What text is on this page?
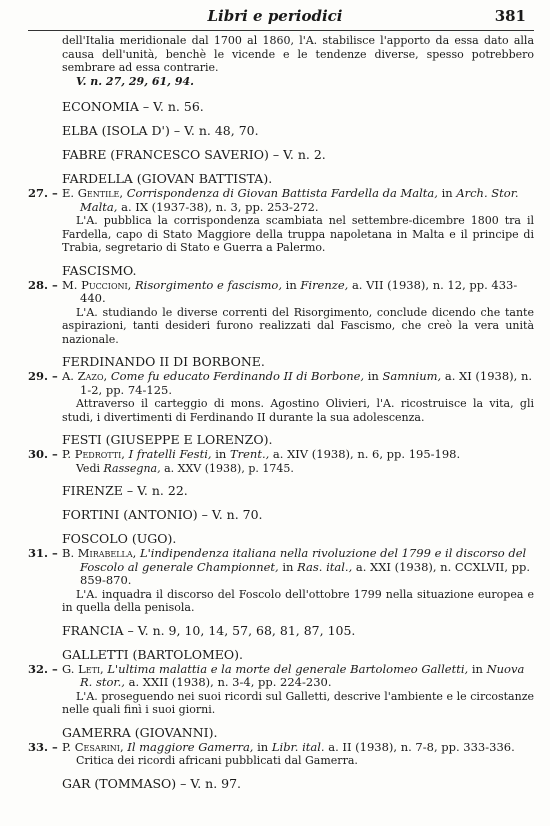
Libri e periodici	381
dell'Italia meridionale dal 1700 al 1860, l'A. stabilisce l'apporto da essa dato alla causa dell'unità, benchè le vicende e le tendenze diverse, spesso potrebbero sembrare ad essa contrarie.
V. n. 27, 29, 61, 94.
ECONOMIA – V. n. 56.
ELBA (ISOLA D') – V. n. 48, 70.
FABRE (FRANCESCO SAVERIO) – V. n. 2.
FARDELLA (GIOVAN BATTISTA).
27. – E. Gentile, Corrispondenza di Giovan Battista Fardella da Malta, in Arch. Stor. Malta, a. IX (1937-38), n. 3, pp. 253-272.
L'A. pubblica la corrispondenza scambiata nel settembre-dicembre 1800 tra il Fardella, capo di Stato Maggiore della truppa napoletana in Malta e il principe di Trabia, segretario di Stato e Guerra a Palermo.
FASCISMO.
28. – M. Puccioni, Risorgimento e fascismo, in Firenze, a. VII (1938), n. 12, pp. 433-440.
L'A. studiando le diverse correnti del Risorgimento, conclude dicendo che tante aspirazioni, tanti desideri furono realizzati dal Fascismo, che creò la vera unità nazionale.
FERDINANDO II DI BORBONE.
29. – A. Zazo, Come fu educato Ferdinando II di Borbone, in Samnium, a. XI (1938), n. 1-2, pp. 74-125.
Attraverso il carteggio di mons. Agostino Olivieri, l'A. ricostruisce la vita, gli studi, i divertimenti di Ferdinando II durante la sua adolescenza.
FESTI (GIUSEPPE E LORENZO).
30. – P. Pedrotti, I fratelli Festi, in Trent., a. XIV (1938), n. 6, pp. 195-198.
Vedi Rassegna, a. XXV (1938), p. 1745.
FIRENZE – V. n. 22.
FORTINI (ANTONIO) – V. n. 70.
FOSCOLO (UGO).
31. – B. Mirabella, L'indipendenza italiana nella rivoluzione del 1799 e il discorso del Foscolo al generale Championnet, in Ras. ital., a. XXI (1938), n. CCXLVII, pp. 859-870.
L'A. inquadra il discorso del Foscolo dell'ottobre 1799 nella situazione europea e in quella della penisola.
FRANCIA – V. n. 9, 10, 14, 57, 68, 81, 87, 105.
GALLETTI (BARTOLOMEO).
32. – G. Leti, L'ultima malattia e la morte del generale Bartolomeo Galletti, in Nuova R. stor., a. XXII (1938), n. 3-4, pp. 224-230.
L'A. proseguendo nei suoi ricordi sul Galletti, descrive l'ambiente e le circostanze nelle quali finì i suoi giorni.
GAMERRA (GIOVANNI).
33. – P. Cesarini, Il maggiore Gamerra, in Libr. ital. a. II (1938), n. 7-8, pp. 333-336.
Critica dei ricordi africani pubblicati dal Gamerra.
GAR (TOMMASO) – V. n. 97.
